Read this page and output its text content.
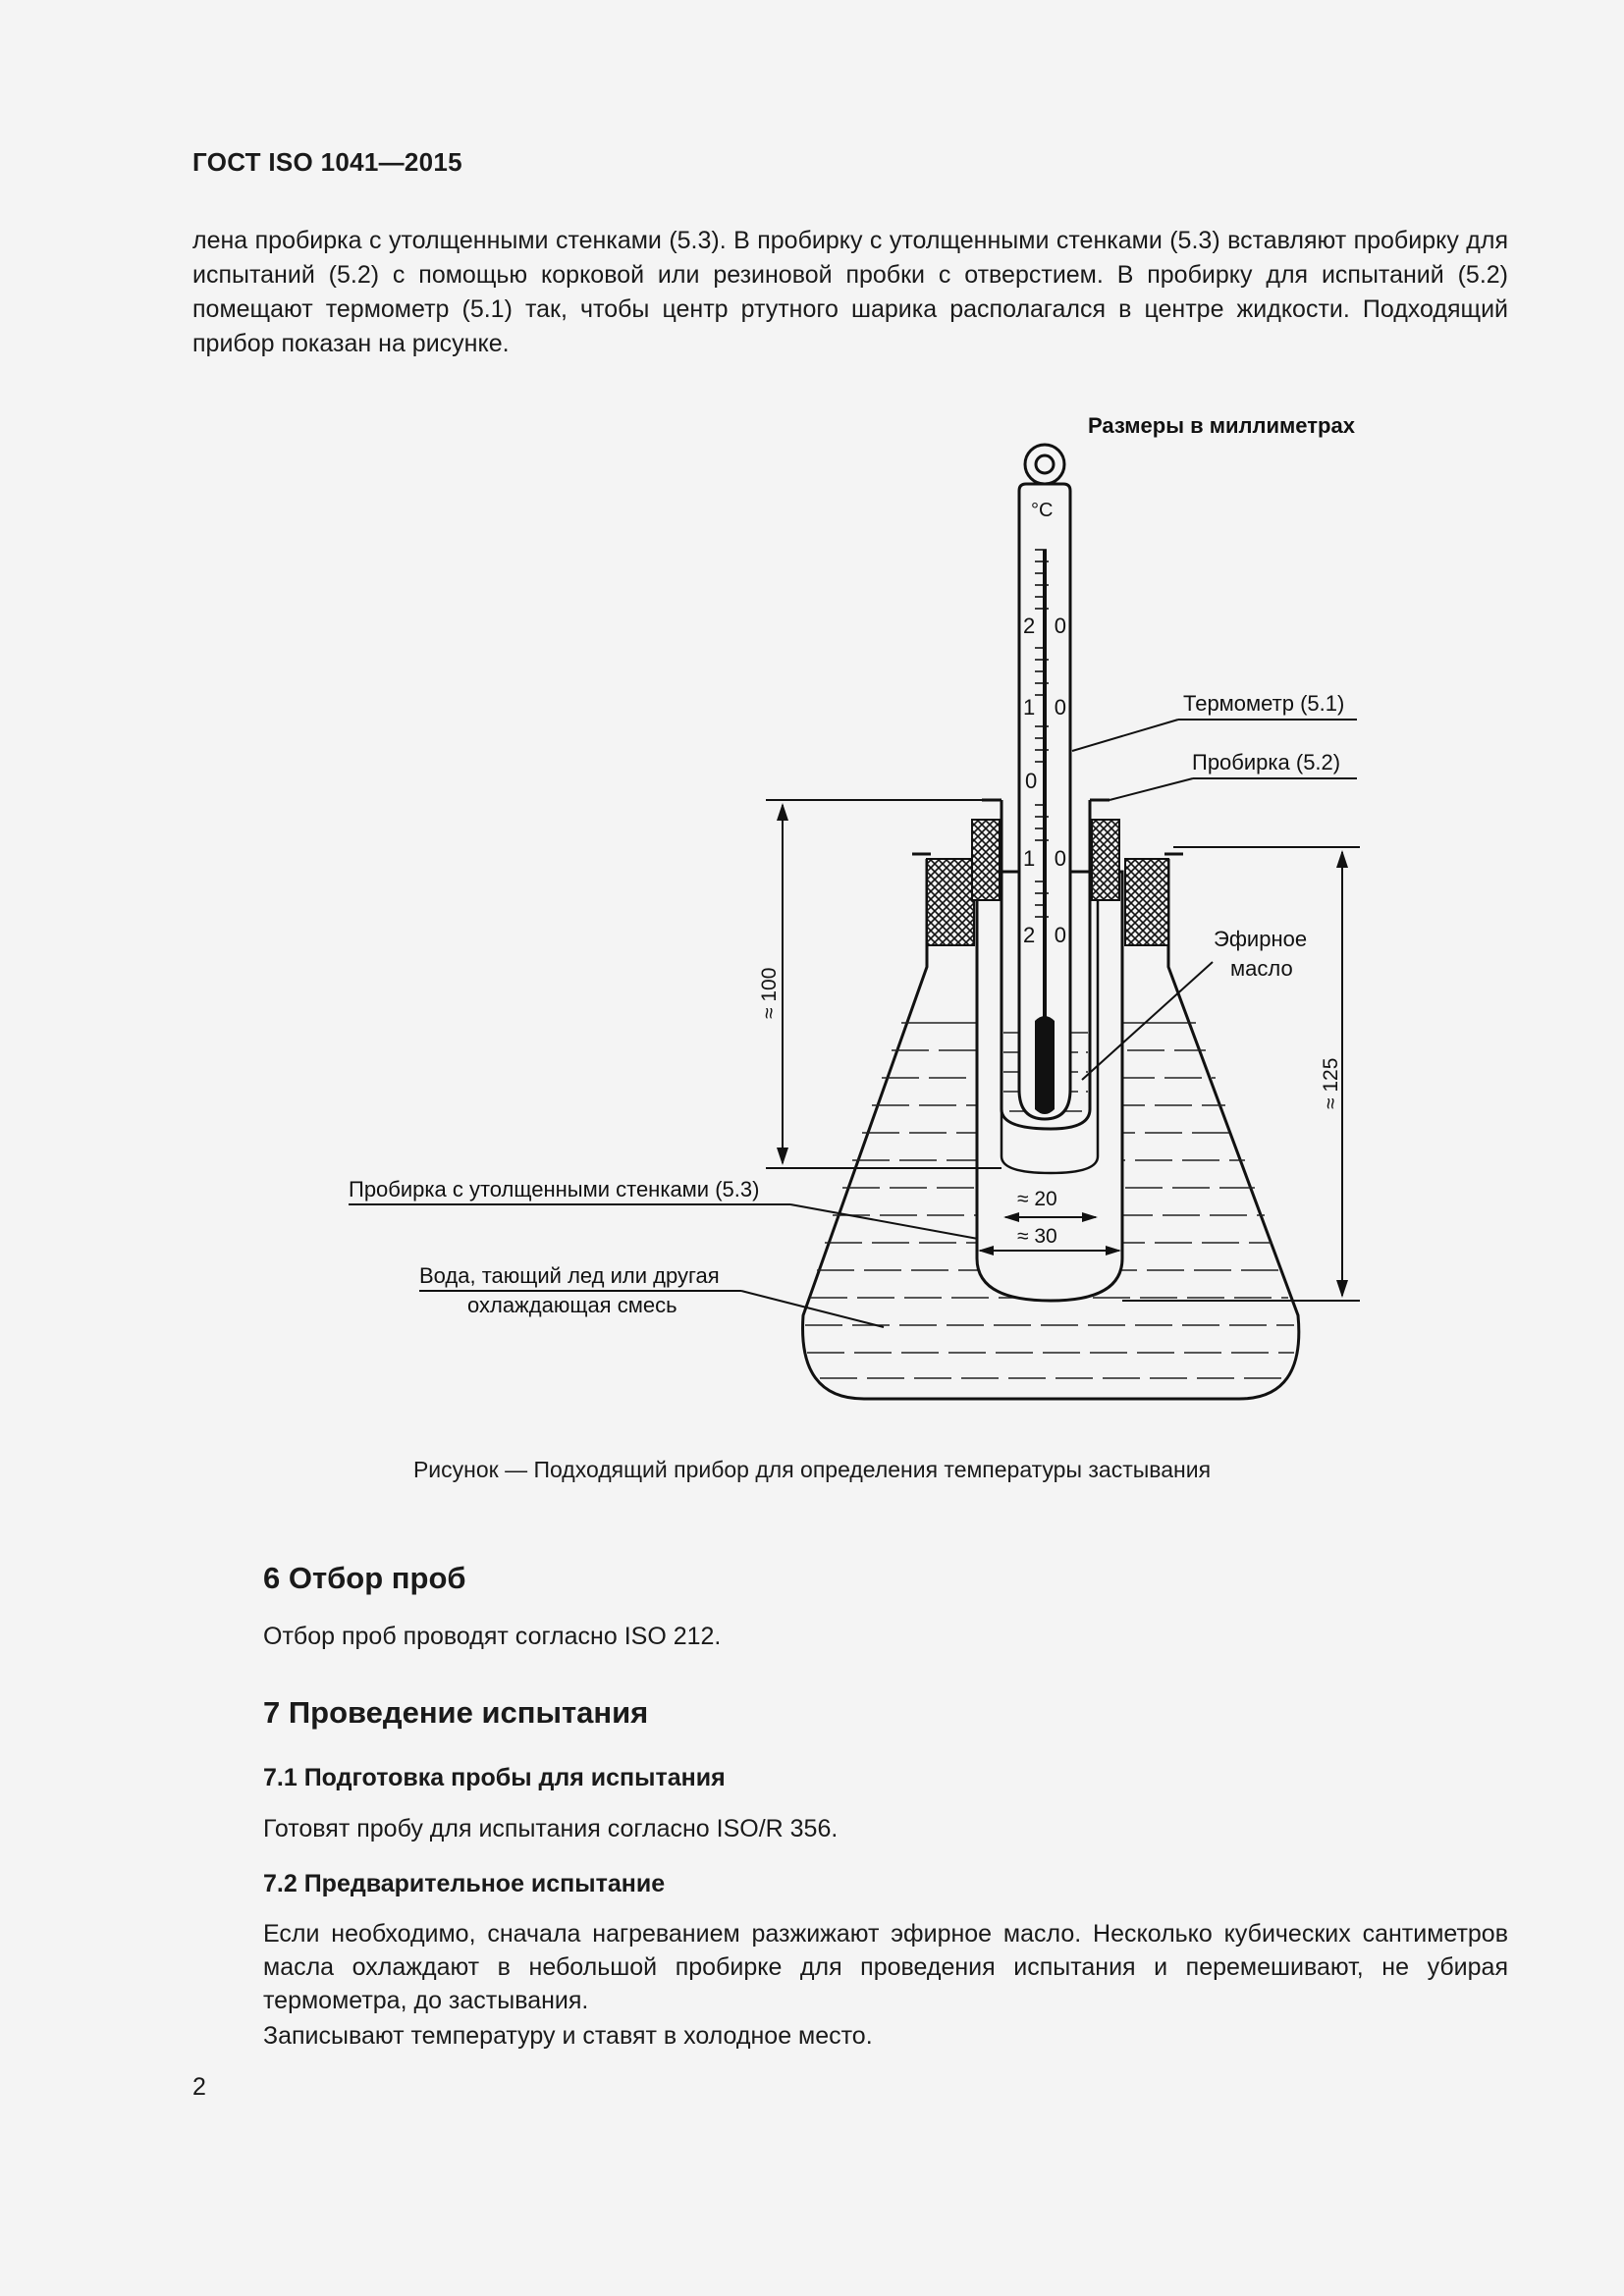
ГОСТ ISO 1041—2015
лена пробирка с утолщенными стенками (5.3). В пробирку с утолщенными стенками (5.3) вставляют пробирку для испытаний (5.2) с помощью корковой или резиновой пробки с отверстием. В пробирку для испытаний (5.2) помещают термометр (5.1) так, чтобы центр ртутного шарика располагался в центре жидкости. Подходящий прибор показан на рисунке.
°C
20
10
0
10
20
Размеры в миллиметрах
Термометр (5.1)
Пробирка (5.2)
Эфирное
масло
Пробирка с утолщенными стенками (5.3)
Вода, тающий лед или другая
охлаждающая смесь
≈ 100
≈ 125
≈ 20
≈ 30
Рисунок — Подходящий прибор для определения температуры застывания
6 Отбор проб
Отбор проб проводят согласно ISO 212.
7 Проведение испытания
7.1 Подготовка пробы для испытания
Готовят пробу для испытания согласно ISO/R 356.
7.2 Предварительное испытание
Если необходимо, сначала нагреванием разжижают эфирное масло. Несколько кубических сантиметров масла охлаждают в небольшой пробирке для проведения испытания и перемешивают, не убирая термометра, до застывания.
Записывают температуру и ставят в холодное место.
2
